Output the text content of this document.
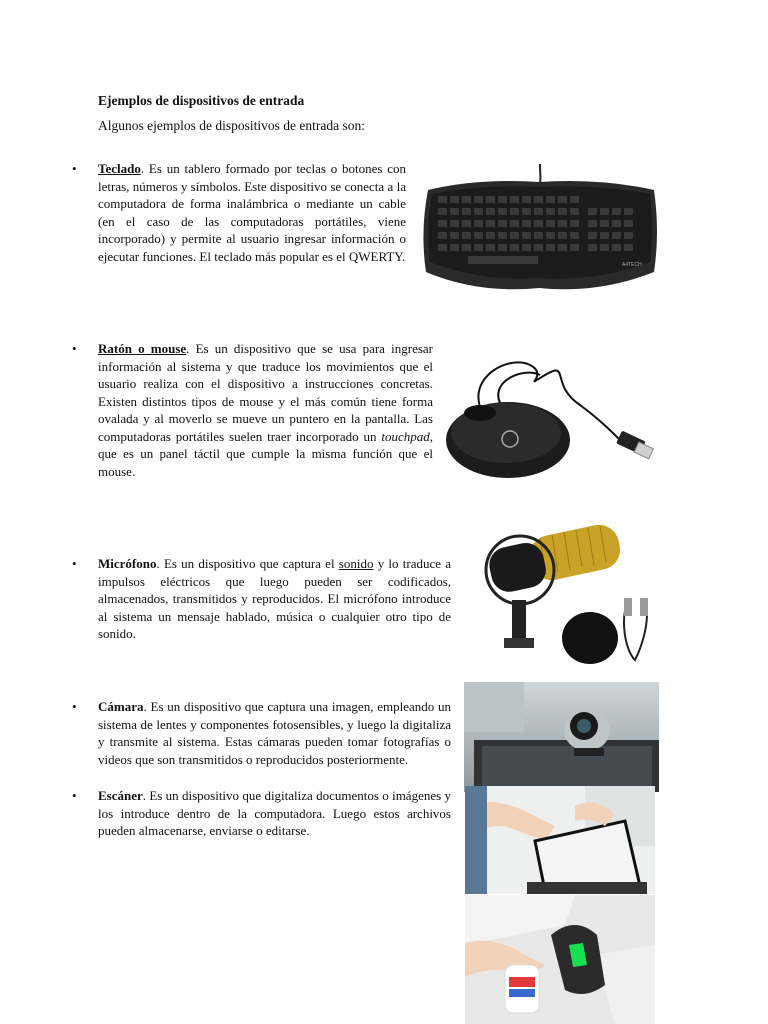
Ejemplos de dispositivos de entrada
Algunos ejemplos de dispositivos de entrada son:
• Teclado. Es un tablero formado por teclas o botones con letras, números y símbolos. Este dispositivo se conecta a la computadora de forma inalámbrica o mediante un cable (en el caso de las computadoras portátiles, viene incorporado) y permite al usuario ingresar información o ejecutar funciones. El teclado más popular es el QWERTY.
• Ratón o mouse. Es un dispositivo que se usa para ingresar información al sistema y que traduce los movimientos que el usuario realiza con el dispositivo a instrucciones concretas. Existen distintos tipos de mouse y el más común tiene forma ovalada y al moverlo se mueve un puntero en la pantalla. Las computadoras portátiles suelen traer incorporado un touchpad, que es un panel táctil que cumple la misma función que el mouse.
• Micrófono. Es un dispositivo que captura el sonido y lo traduce a impulsos eléctricos que luego pueden ser codificados, almacenados, transmitidos y reproducidos. El micrófono introduce al sistema un mensaje hablado, música o cualquier otro tipo de sonido.
• Cámara. Es un dispositivo que captura una imagen, empleando un sistema de lentes y componentes fotosensibles, y luego la digitaliza y transmite al sistema. Estas cámaras pueden tomar fotografías o videos que son transmitidos o reproducidos posteriormente.
• Escáner. Es un dispositivo que digitaliza documentos o imágenes y los introduce dentro de la computadora. Luego estos archivos pueden almacenarse, enviarse o editarse.
A4TECH
